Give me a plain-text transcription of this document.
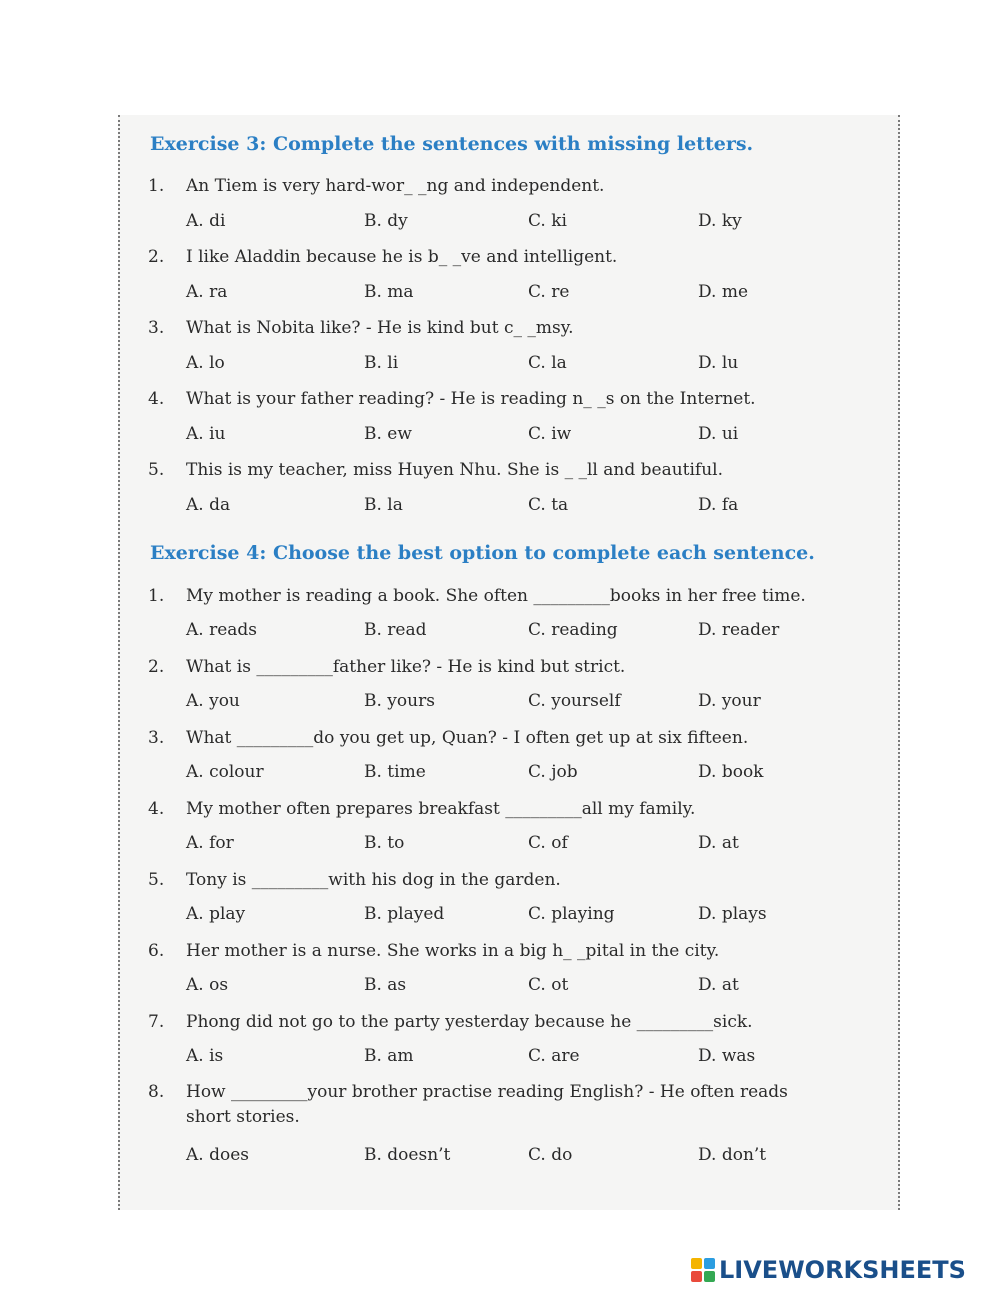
Exercise 3: Complete the sentences with missing letters.
1. An Tiem is very hard-wor_ _ng and independent.
A. di	B. dy	C. ki	D. ky
2. I like Aladdin because he is b_ _ve and intelligent.
A. ra	B. ma	C. re	D. me
3. What is Nobita like? - He is kind but c_ _msy.
A. lo	B. li	C. la	D. lu
4. What is your father reading? - He is reading n_ _s on the Internet.
A. iu	B. ew	C. iw	D. ui
5. This is my teacher, miss Huyen Nhu. She is _ _ll and beautiful.
A. da	B. la	C. ta	D. fa
Exercise 4: Choose the best option to complete each sentence.
1. My mother is reading a book. She often _________books in her free time.
A. reads	B. read	C. reading	D. reader
2. What is _________father like? - He is kind but strict.
A. you	B. yours	C. yourself	D. your
3. What _________do you get up, Quan? - I often get up at six fifteen.
A. colour	B. time	C. job	D. book
4. My mother often prepares breakfast _________all my family.
A. for	B. to	C. of	D. at
5. Tony is _________with his dog in the garden.
A. play	B. played	C. playing	D. plays
6. Her mother is a nurse. She works in a big h_ _pital in the city.
A. os	B. as	C. ot	D. at
7. Phong did not go to the party yesterday because he _________sick.
A. is	B. am	C. are	D. was
8. How _________your brother practise reading English? - He often reads
short stories.
A. does	B. doesn’t	C. do	D. don’t
LIVEWORKSHEETS
